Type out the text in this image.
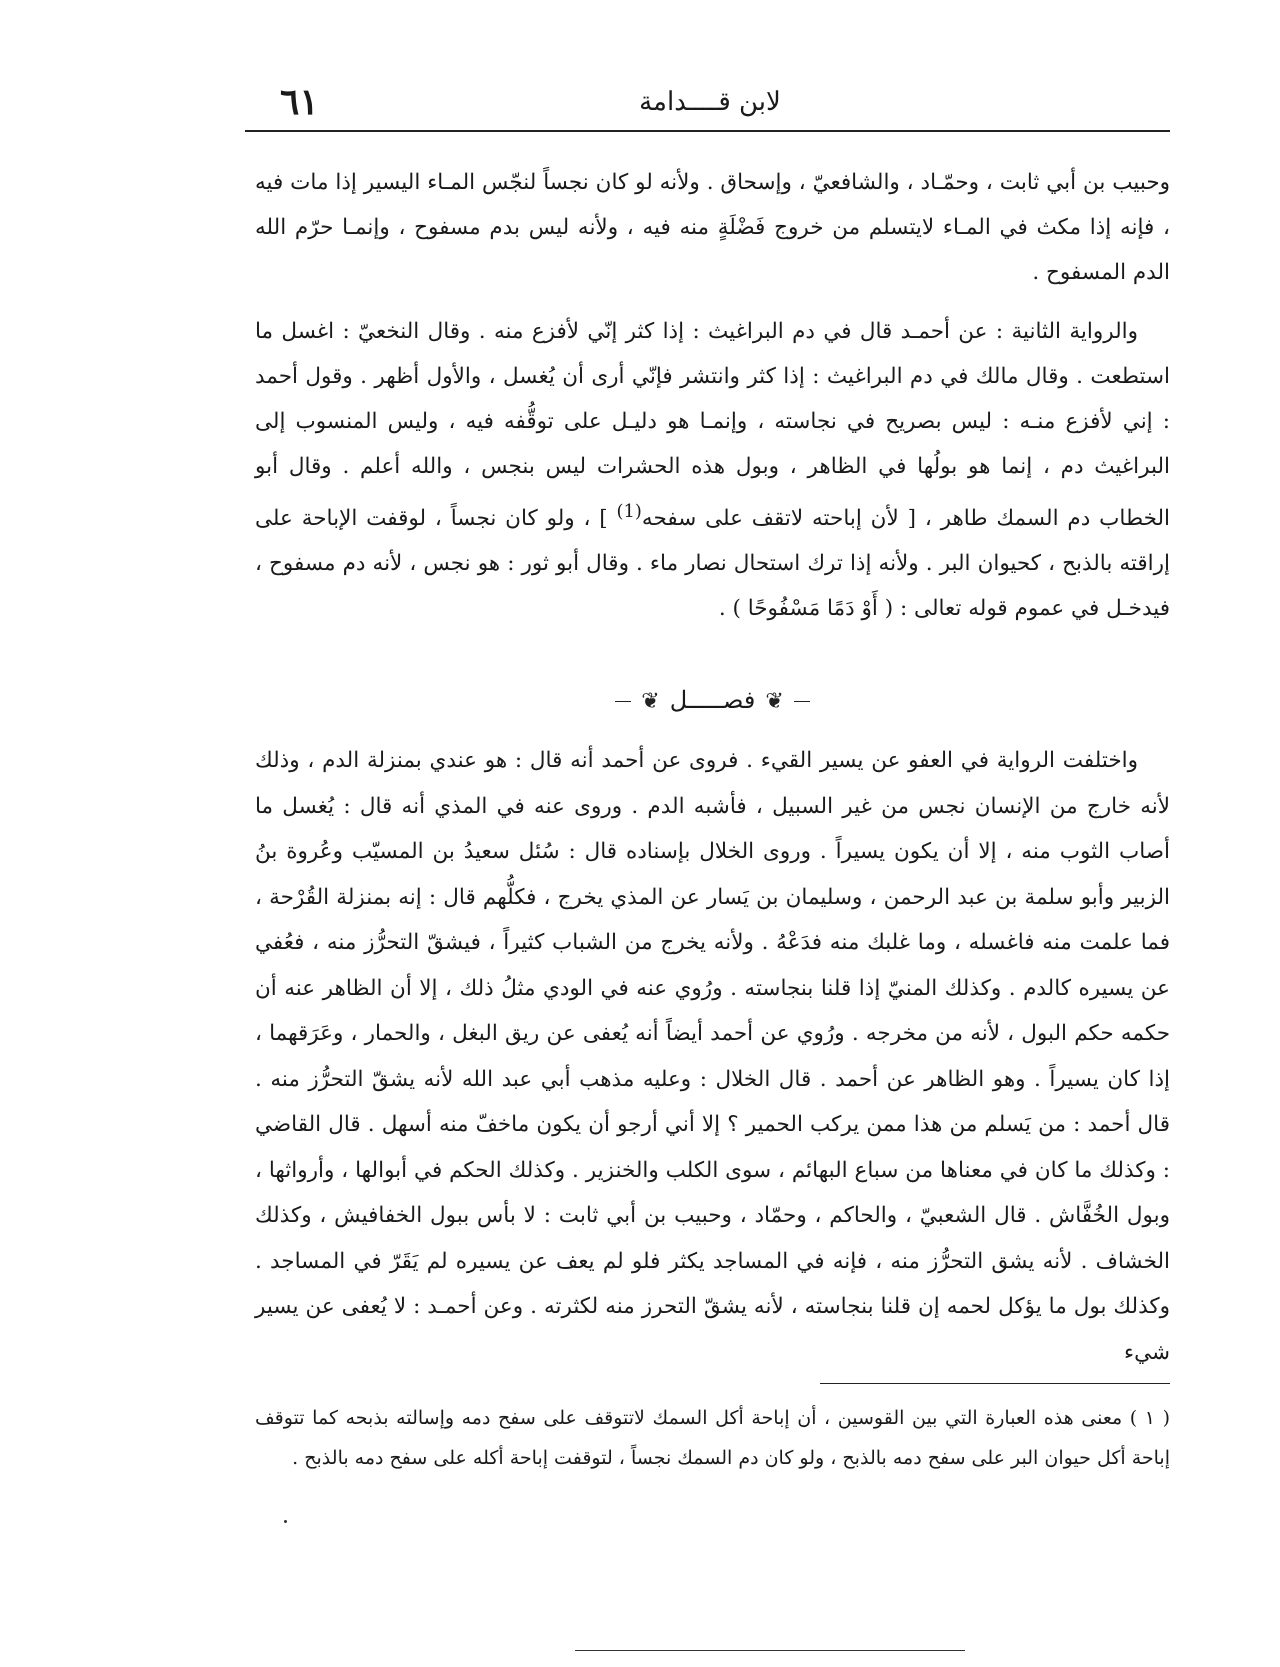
٦١	لابن قــــدامة

وحبيب بن أبي ثابت ، وحمّـاد ، والشافعيّ ، وإسحاق . ولأنه لو كان نجساً لنجّس المـاء اليسير إذا مات فيه ، فإنه إذا مكث في المـاء لايتسلم من خروج فَضْلَةٍ منه فيه ، ولأنه ليس بدم مسفوح ، وإنمـا حرّم الله الدم المسفوح .

والرواية الثانية : عن أحمـد قال في دم البراغيث : إذا كثر إنّي لأفزع منه . وقال النخعيّ : اغسل ما استطعت . وقال مالك في دم البراغيث : إذا كثر وانتشر فإنّي أرى أن يُغسل ، والأول أظهر . وقول أحمد : إني لأفزع منـه : ليس بصريح في نجاسته ، وإنمـا هو دليـل على توقُّفه فيه ، وليس المنسوب إلى البراغيث دم ، إنما هو بولُها في الظاهر ، وبول هذه الحشرات ليس بنجس ، والله أعلم . وقال أبو الخطاب دم السمك طاهر ، [ لأن إباحته لاتقف على سفحه$^{(1)}$ ] ، ولو كان نجساً ، لوقفت الإباحة على إراقته بالذبح ، كحيوان البر . ولأنه إذا ترك استحال نصار ماء . وقال أبو ثور : هو نجس ، لأنه دم مسفوح ، فيدخـل في عموم قوله تعالى : ( أَوْ دَمًا مَسْفُوحًا ) .

❦فصـــــل❦

واختلفت الرواية في العفو عن يسير القيء . فروى عن أحمد أنه قال : هو عندي بمنزلة الدم ، وذلك لأنه خارج من الإنسان نجس من غير السبيل ، فأشبه الدم . وروى عنه في المذي أنه قال : يُغسل ما أصاب الثوب منه ، إلا أن يكون يسيراً . وروى الخلال بإسناده قال : سُئل سعيدُ بن المسيّب وعُروة بنُ الزبير وأبو سلمة بن عبد الرحمن ، وسليمان بن يَسار عن المذي يخرج ، فكلُّهم قال : إنه بمنزلة القُرْحة ، فما علمت منه فاغسله ، وما غلبك منه فدَعْهُ . ولأنه يخرج من الشباب كثيراً ، فيشقّ التحرُّز منه ، فعُفي عن يسيره كالدم . وكذلك المنيّ إذا قلنا بنجاسته . ورُوي عنه في الودي مثلُ ذلك ، إلا أن الظاهر عنه أن حكمه حكم البول ، لأنه من مخرجه . ورُوي عن أحمد أيضاً أنه يُعفى عن ريق البغل ، والحمار ، وعَرَقهما ، إذا كان يسيراً . وهو الظاهر عن أحمد . قال الخلال : وعليه مذهب أبي عبد الله لأنه يشقّ التحرُّز منه . قال أحمد : من يَسلم من هذا ممن يركب الحمير ؟ إلا أني أرجو أن يكون ماخفّ منه أسهل . قال القاضي : وكذلك ما كان في معناها من سباع البهائم ، سوى الكلب والخنزير . وكذلك الحكم في أبوالها ، وأرواثها ، وبول الخُفَّاش . قال الشعبيّ ، والحاكم ، وحمّاد ، وحبيب بن أبي ثابت : لا بأس ببول الخفافيش ، وكذلك الخشاف . لأنه يشق التحرُّز منه ، فإنه في المساجد يكثر فلو لم يعف عن يسيره لم يَقَرّ في المساجد . وكذلك بول ما يؤكل لحمه إن قلنا بنجاسته ، لأنه يشقّ التحرز منه لكثرته . وعن أحمـد : لا يُعفى عن يسير شيء

( ١ ) معنى هذه العبارة التي بين القوسين ، أن إباحة أكل السمك لاتتوقف على سفح دمه وإسالته بذبحه كما تتوقف إباحة أكل حيوان البر على سفح دمه بالذبح ، ولو كان دم السمك نجساً ، لتوقفت إباحة أكله على سفح دمه بالذبح .
